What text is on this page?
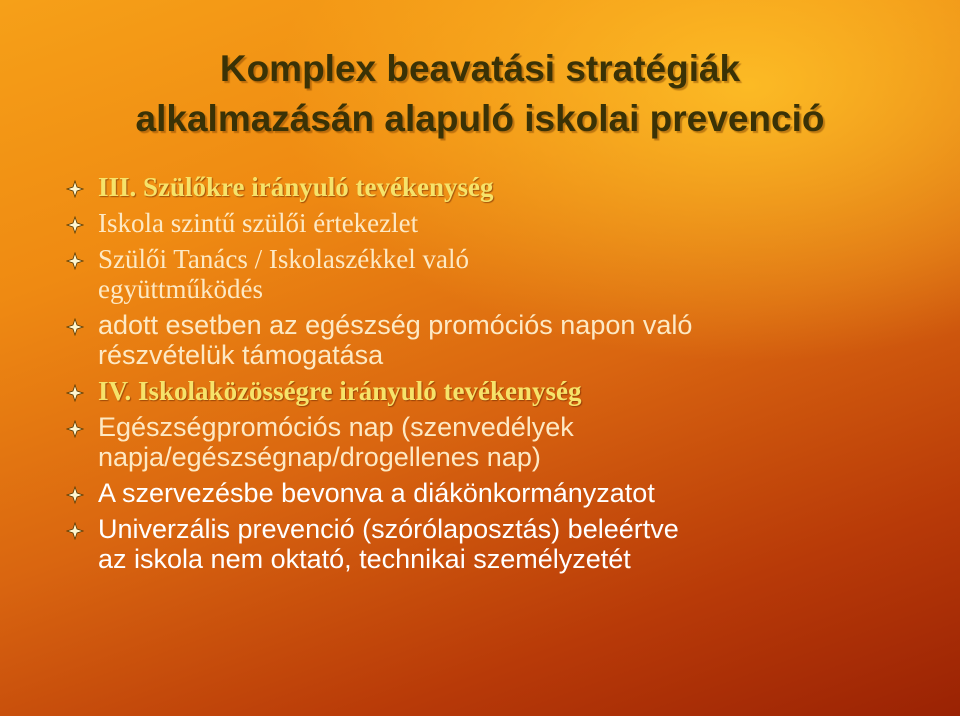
Komplex beavatási stratégiák
alkalmazásán alapuló iskolai prevenció
III. Szülőkre irányuló tevékenység
Iskola szintű szülői értekezlet
Szülői Tanács / Iskolaszékkel való
együttműködés
adott esetben az egészség promóciós napon való
részvételük támogatása
IV. Iskolaközösségre irányuló tevékenység
Egészségpromóciós nap (szenvedélyek
napja/egészségnap/drogellenes nap)
A szervezésbe bevonva a diákönkormányzatot
Univerzális prevenció (szórólaposztás) beleértve
az iskola nem oktató, technikai személyzetét
